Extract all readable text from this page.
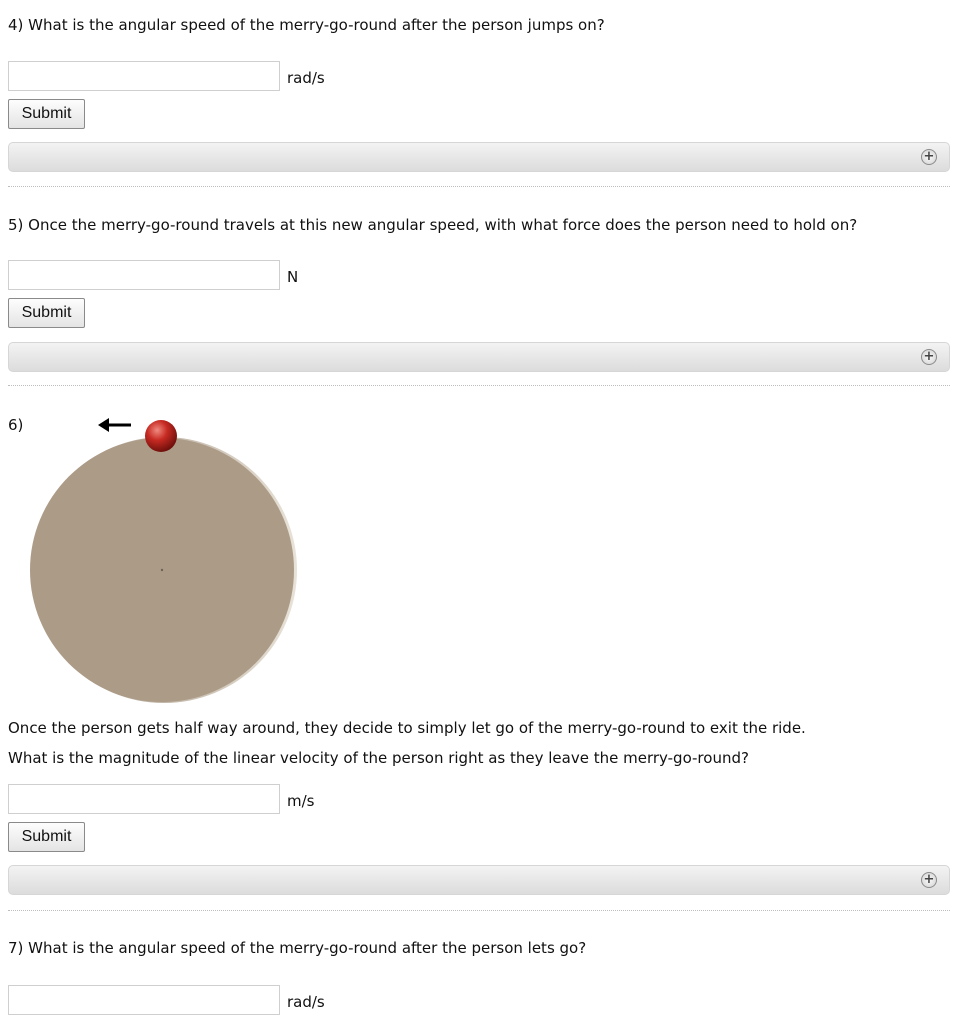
4) What is the angular speed of the merry-go-round after the person jumps on?
rad/s
Submit
+
5) Once the merry-go-round travels at this new angular speed, with what force does the person need to hold on?
N
Submit
+
6)
Once the person gets half way around, they decide to simply let go of the merry-go-round to exit the ride.
What is the magnitude of the linear velocity of the person right as they leave the merry-go-round?
m/s
Submit
+
7) What is the angular speed of the merry-go-round after the person lets go?
rad/s
